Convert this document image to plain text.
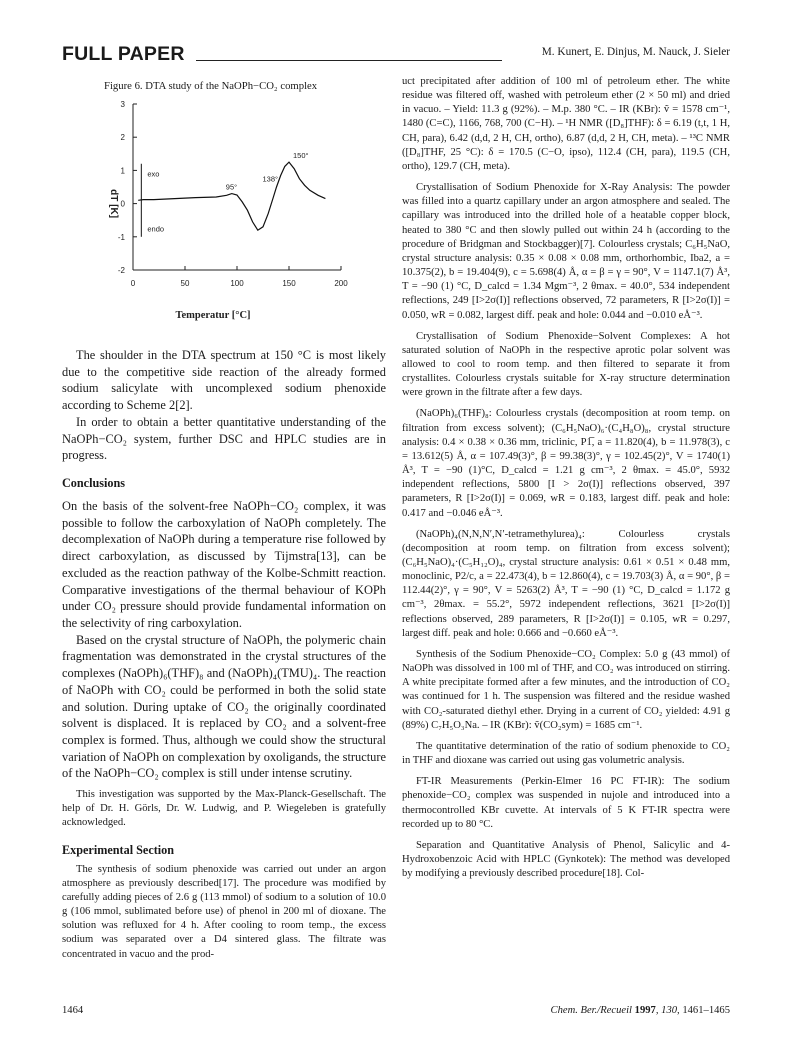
FULL PAPER	M. Kunert, E. Dinjus, M. Nauck, J. Sieler
Figure 6. DTA study of the NaOPh−CO₂ complex
3
2
1
0
-1
-2
0	50	100	150	200
Temperatur [°C]
dT [K]
150°
138°
95°
exo
endo

The shoulder in the DTA spectrum at 150 °C is most likely due to the competitive side reaction of the already formed sodium salicylate with uncomplexed sodium phenoxide according to Scheme 2[2].

In order to obtain a better quantitative understanding of the NaOPh−CO₂ system, further DSC and HPLC studies are in progress.

Conclusions

On the basis of the solvent-free NaOPh−CO₂ complex, it was possible to follow the carboxylation of NaOPh completely. The decomplexation of NaOPh during a temperature rise followed by direct carboxylation, as discussed by Tijmstra[13], can be excluded as the reaction pathway of the Kolbe-Schmitt reaction. Comparative investigations of the thermal behaviour of KOPh under CO₂ pressure should provide fundamental information on the selectivity of ring carboxylation.

Based on the crystal structure of NaOPh, the polymeric chain fragmentation was demonstrated in the crystal structures of the complexes (NaOPh)₆(THF)₈ and (NaOPh)₄(TMU)₄. The reaction of NaOPh with CO₂ could be performed in both the solid state and solution. During uptake of CO₂ the originally coordinated solvent is displaced. It is replaced by CO₂ and a solvent-free complex is formed. Thus, although we could show the structural variation of NaOPh on complexation by oxoligands, the structure of the NaOPh−CO₂ complex is still under intense scrutiny.

This investigation was supported by the Max-Planck-Gesellschaft. The help of Dr. H. Görls, Dr. W. Ludwig, and P. Wiegeleben is gratefully acknowledged.

Experimental Section

The synthesis of sodium phenoxide was carried out under an argon atmosphere as previously described[17]. The procedure was modified by carefully adding pieces of 2.6 g (113 mmol) of sodium to a solution of 10.0 g (106 mmol, sublimated before use) of phenol in 200 ml of dioxane. The solution was refluxed for 4 h. After cooling to room temp., the excess sodium was separated over a D4 sintered glass. The filtrate was concentrated in vacuo and the prod-

uct precipitated after addition of 100 ml of petroleum ether. The white residue was filtered off, washed with petroleum ether (2 × 50 ml) and dried in vacuo. – Yield: 11.3 g (92%). – M.p. 380 °C. – IR (KBr): ṽ = 1578 cm⁻¹, 1480 (C=C), 1166, 768, 700 (C−H). – ¹H NMR ([D₈]THF): δ = 6.19 (t,t, 1 H, CH, para), 6.42 (d,d, 2 H, CH, ortho), 6.87 (d,d, 2 H, CH, meta). – ¹³C NMR ([D₈]THF, 25 °C): δ = 170.5 (C−O, ipso), 112.4 (CH, para), 119.5 (CH, ortho), 129.7 (CH, meta).

Crystallisation of Sodium Phenoxide for X-Ray Analysis: The powder was filled into a quartz capillary under an argon atmosphere and sealed. The capillary was introduced into the drilled hole of a heatable copper block, heated to 380 °C and then slowly pulled out within 24 h (according to the procedure of Bridgman and Stockbagger)[7]. Colourless crystals; C₆H₅NaO, crystal structure analysis: 0.35 × 0.08 × 0.08 mm, orthorhombic, Iba2, a = 10.375(2), b = 19.404(9), c = 5.698(4) Å, α = β = γ = 90°, V = 1147.1(7) Å³, T = −90 (1) °C, D_calcd = 1.34 Mgm⁻³, 2 θmax. = 40.0°, 534 independent reflections, 249 [I>2σ(I)] reflections observed, 72 parameters, R [I>2σ(I)] = 0.050, wR = 0.082, largest diff. peak and hole: 0.044 and −0.010 eÅ⁻³.

Crystallisation of Sodium Phenoxide−Solvent Complexes: A hot saturated solution of NaOPh in the respective aprotic polar solvent was allowed to cool to room temp. and then filtered to separate it from crystallites. Colourless crystals suitable for X-ray structure determination were grown in the filtrate after a few days.

(NaOPh)₆(THF)₈: Colourless crystals (decomposition at room temp. on filtration from excess solvent); (C₆H₅NaO)₆·(C₄H₈O)₈, crystal structure analysis: 0.4 × 0.38 × 0.36 mm, triclinic, P1̅, a = 11.820(4), b = 11.978(3), c = 13.612(5) Å, α = 107.49(3)°, β = 99.38(3)°, γ = 102.45(2)°, V = 1740(1) Å³, T = −90 (1)°C, D_calcd = 1.21 g cm⁻³, 2 θmax. = 45.0°, 5932 independent reflections, 5800 [I > 2σ(I)] reflections observed, 397 parameters, R [I>2σ(I)] = 0.069, wR = 0.183, largest diff. peak and hole: 0.417 and −0.046 eÅ⁻³.

(NaOPh)₄(N,N,N′,N′-tetramethylurea)₄: Colourless crystals (decomposition at room temp. on filtration from excess solvent); (C₆H₅NaO)₄·(C₅H₁₂O)₄, crystal structure analysis: 0.61 × 0.51 × 0.48 mm, monoclinic, P2/c, a = 22.473(4), b = 12.860(4), c = 19.703(3) Å, α = 90°, β = 112.44(2)°, γ = 90°, V = 5263(2) Å³, T = −90 (1) °C, D_calcd = 1.172 g cm⁻³, 2θmax. = 55.2°, 5972 independent reflections, 3621 [I>2σ(I)] reflections observed, 289 parameters, R [I>2σ(I)] = 0.105, wR = 0.297, largest diff. peak and hole: 0.666 and −0.660 eÅ⁻³.

Synthesis of the Sodium Phenoxide−CO₂ Complex: 5.0 g (43 mmol) of NaOPh was dissolved in 100 ml of THF, and CO₂ was introduced on stirring. A white precipitate formed after a few minutes, and the introduction of CO₂ was continued for 1 h. The suspension was filtered and the residue washed with CO₂-saturated diethyl ether. Drying in a current of CO₂ yielded: 4.91 g (89%) C₇H₅O₃Na. – IR (KBr): ṽ(CO₂sym) = 1685 cm⁻¹.

The quantitative determination of the ratio of sodium phenoxide to CO₂ in THF and dioxane was carried out using gas volumetric analysis.

FT-IR Measurements (Perkin-Elmer 16 PC FT-IR): The sodium phenoxide−CO₂ complex was suspended in nujole and introduced into a thermocontrolled KBr cuvette. At intervals of 5 K FT-IR spectra were recorded up to 80 °C.

Separation and Quantitative Analysis of Phenol, Salicylic and 4-Hydroxobenzoic Acid with HPLC (Gynkotek): The method was developed by modifying a previously described procedure[18]. Col-

1464	Chem. Ber./Recueil 1997, 130, 1461–1465
